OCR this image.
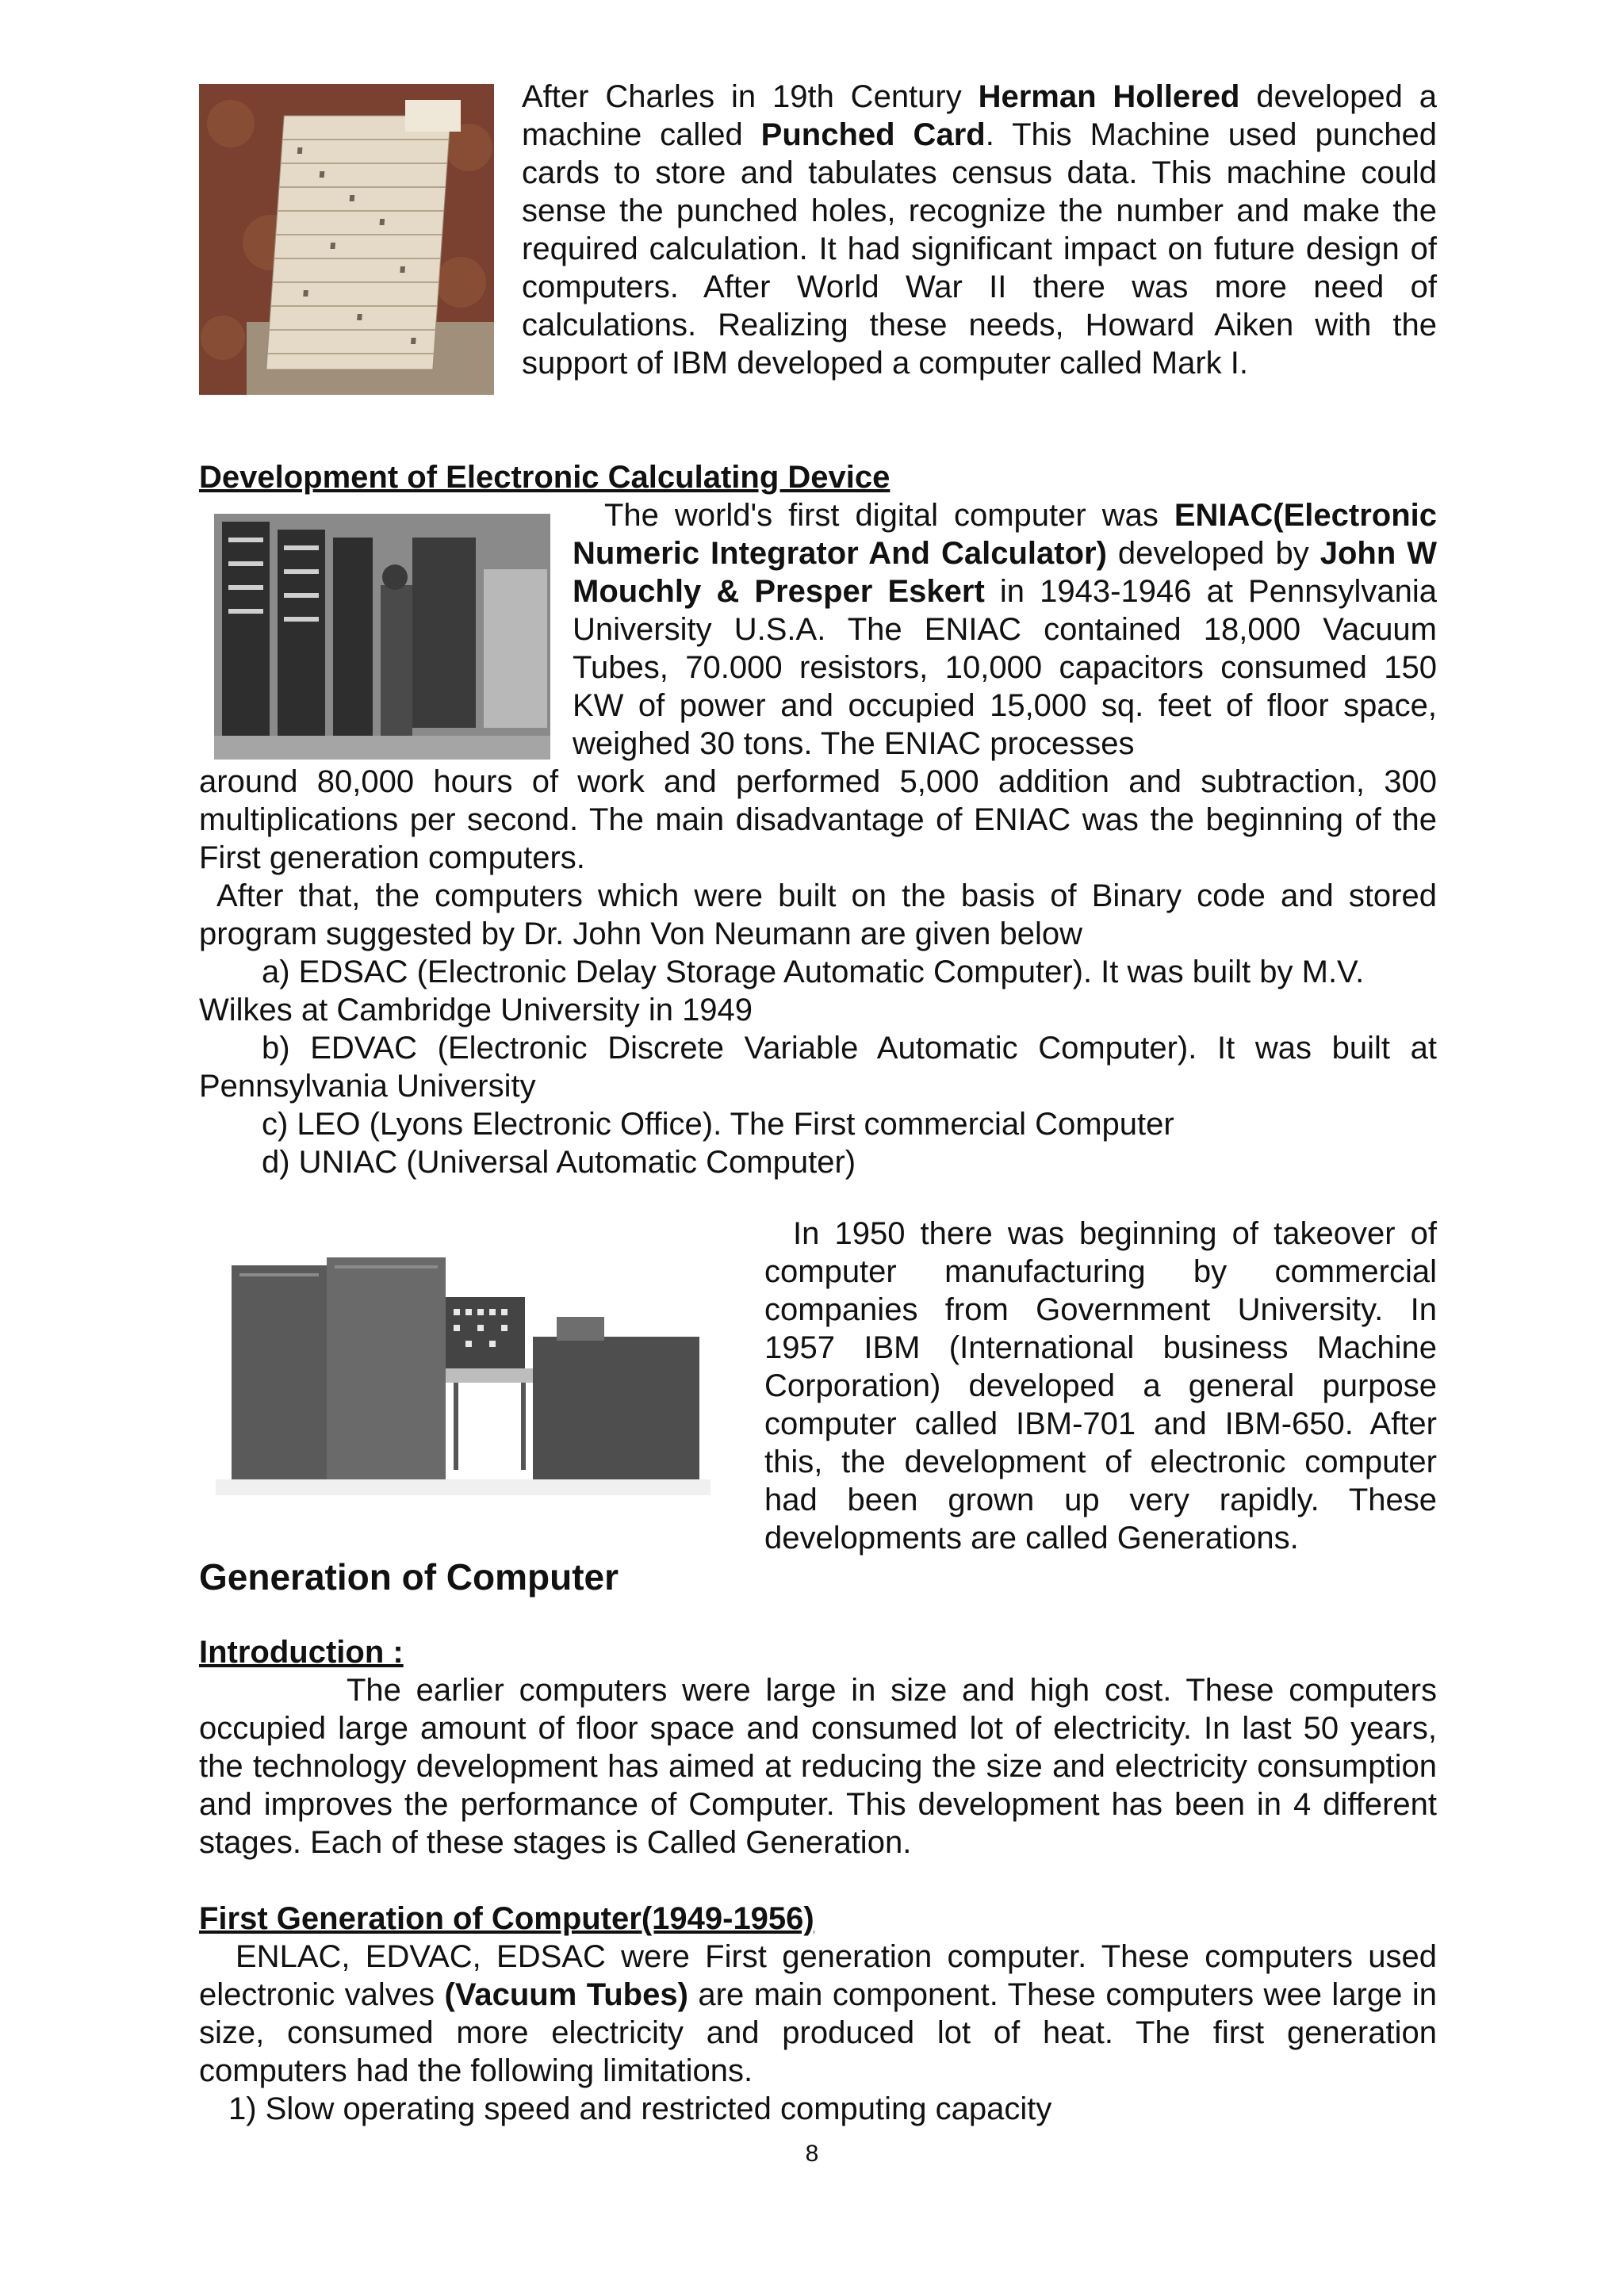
After Charles in 19th Century Herman Hollered developed a machine called Punched Card. This Machine used punched cards to store and tabulates census data. This machine could sense the punched holes, recognize the number and make the required calculation. It had significant impact on future design of computers. After World War II there was more need of calculations. Realizing these needs, Howard Aiken with the support of IBM developed a computer called Mark I.

Development of Electronic Calculating Device

The world's first digital computer was ENIAC(Electronic Numeric Integrator And Calculator) developed by John W Mouchly & Presper Eskert in 1943-1946 at Pennsylvania University U.S.A. The ENIAC contained 18,000 Vacuum Tubes, 70.000 resistors, 10,000 capacitors consumed 150 KW of power and occupied 15,000 sq. feet of floor space, weighed 30 tons. The ENIAC processes

around 80,000 hours of work and performed 5,000 addition and subtraction, 300 multiplications per second. The main disadvantage of ENIAC was the beginning of the First generation computers.

After that, the computers which were built on the basis of Binary code and stored program suggested by Dr. John Von Neumann are given below

a) EDSAC (Electronic Delay Storage Automatic Computer). It was built by M.V.

Wilkes at Cambridge University in 1949

b) EDVAC (Electronic Discrete Variable Automatic Computer). It was built at

Pennsylvania University

c) LEO (Lyons Electronic Office). The First commercial Computer

d) UNIAC (Universal Automatic Computer)

In 1950 there was beginning of takeover of computer manufacturing by commercial companies from Government University. In 1957 IBM (International business Machine Corporation) developed a general purpose computer called IBM-701 and IBM-650. After this, the development of electronic computer had been grown up very rapidly. These developments are called Generations.

Generation of Computer

Introduction :

The earlier computers were large in size and high cost. These computers occupied large amount of floor space and consumed lot of electricity. In last 50 years, the technology development has aimed at reducing the size and electricity consumption and improves the performance of Computer. This development has been in 4 different stages. Each of these stages is Called Generation.

First Generation of Computer(1949-1956)

ENLAC, EDVAC, EDSAC were First generation computer. These computers used electronic valves (Vacuum Tubes) are main component. These computers wee large in size, consumed more electricity and produced lot of heat. The first generation computers had the following limitations.

1) Slow operating speed and restricted computing capacity

8
